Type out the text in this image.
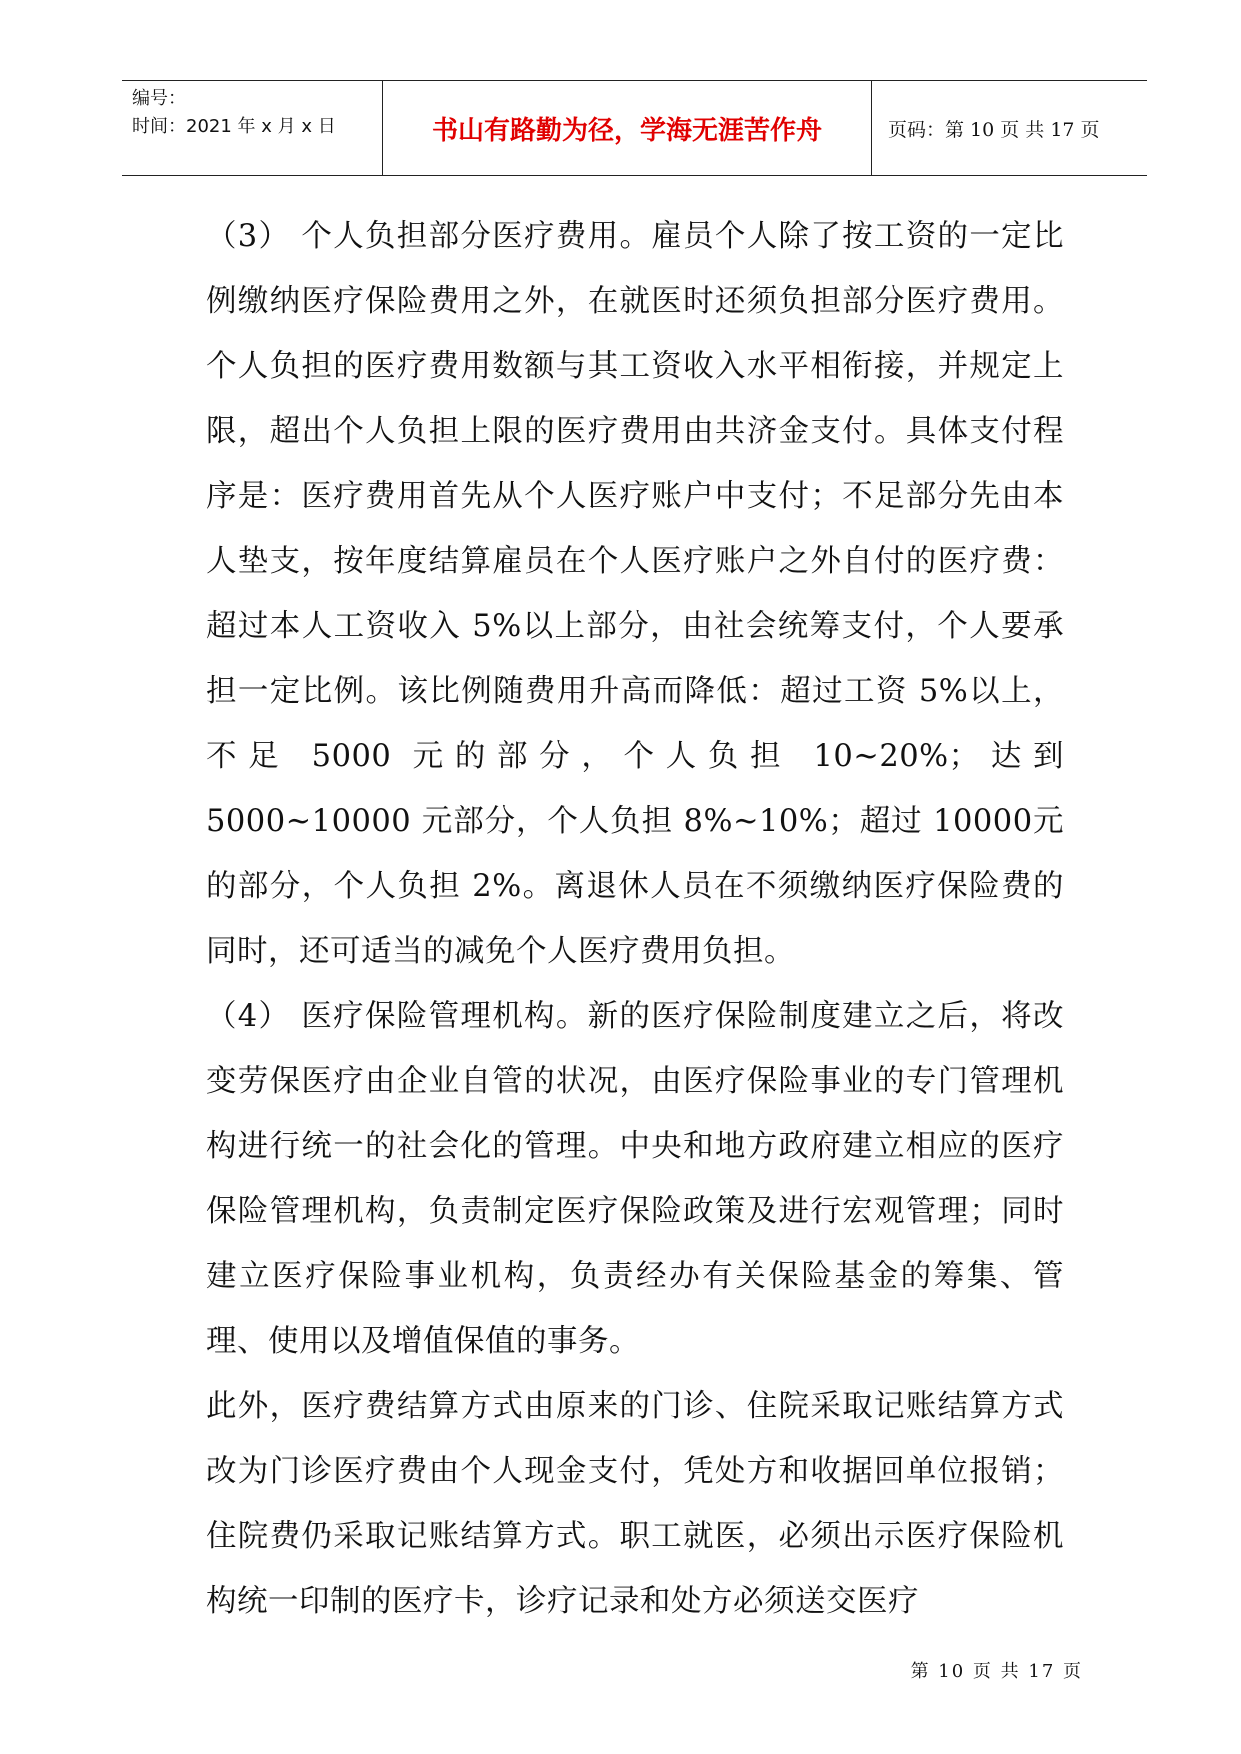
编号：
时间：2021 年 x 月 x 日	书山有路勤为径，学海无涯苦作舟	页码：第 10 页 共 17 页

（3） 个人负担部分医疗费用。雇员个人除了按工资的一定比例缴纳医疗保险费用之外，在就医时还须负担部分医疗费用。个人负担的医疗费用数额与其工资收入水平相衔接，并规定上限，超出个人负担上限的医疗费用由共济金支付。具体支付程序是：医疗费用首先从个人医疗账户中支付；不足部分先由本人垫支，按年度结算雇员在个人医疗账户之外自付的医疗费：超过本人工资收入 5%以上部分，由社会统筹支付，个人要承担一定比例。该比例随费用升高而降低：超过工资 5%以上，不足 5000 元的部分，个人负担 10~20%；达到 5000~10000 元部分，个人负担 8%~10%；超过 10000元的部分，个人负担 2%。离退休人员在不须缴纳医疗保险费的同时，还可适当的减免个人医疗费用负担。

（4） 医疗保险管理机构。新的医疗保险制度建立之后，将改变劳保医疗由企业自管的状况，由医疗保险事业的专门管理机构进行统一的社会化的管理。中央和地方政府建立相应的医疗保险管理机构，负责制定医疗保险政策及进行宏观管理；同时建立医疗保险事业机构，负责经办有关保险基金的筹集、管理、使用以及增值保值的事务。

此外，医疗费结算方式由原来的门诊、住院采取记账结算方式改为门诊医疗费由个人现金支付，凭处方和收据回单位报销；住院费仍采取记账结算方式。职工就医，必须出示医疗保险机构统一印制的医疗卡，诊疗记录和处方必须送交医疗

第 10 页 共 17 页
